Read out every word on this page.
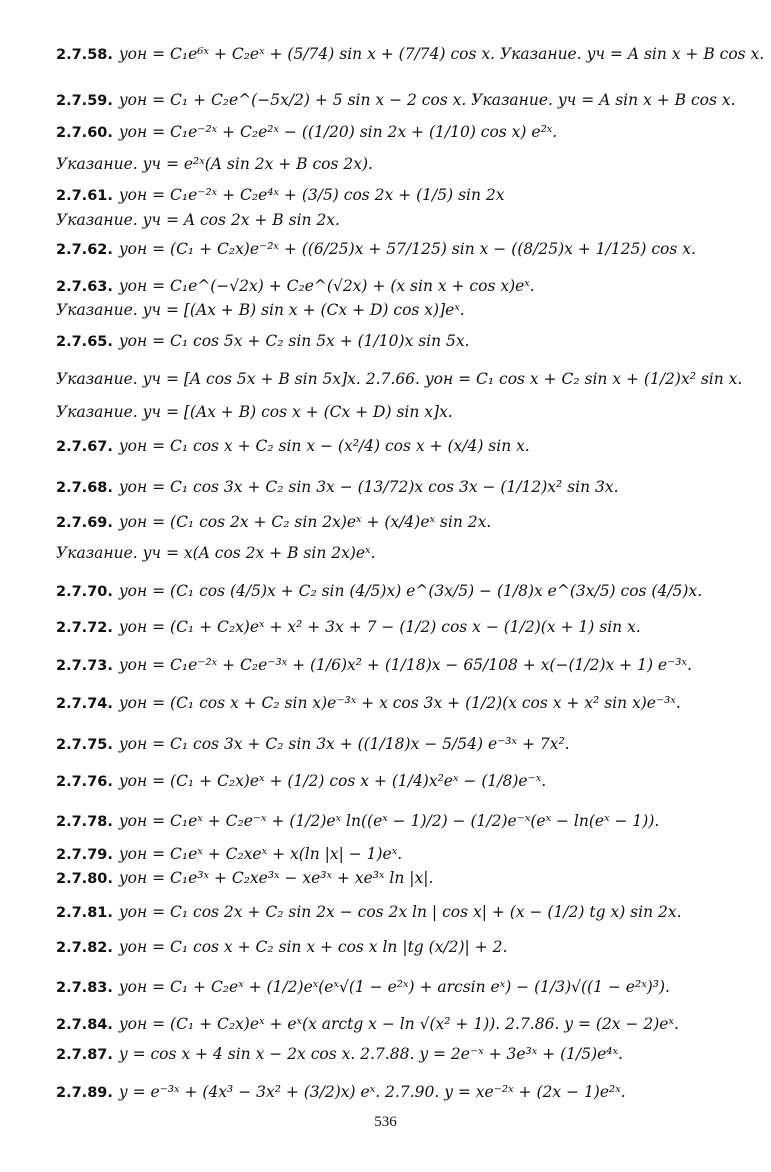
2.7.58. yон = C₁e⁶ˣ + C₂eˣ + (5/74) sin x + (7/74) cos x. Указание. yч = A sin x + B cos x.
2.7.59. yон = C₁ + C₂e^(−5x/2) + 5 sin x − 2 cos x. Указание. yч = A sin x + B cos x.
2.7.60. yон = C₁e⁻²ˣ + C₂e²ˣ − ((1/20) sin 2x + (1/10) cos x) e²ˣ.
Указание. yч = e²ˣ(A sin 2x + B cos 2x).
2.7.61. yон = C₁e⁻²ˣ + C₂e⁴ˣ + (3/5) cos 2x + (1/5) sin 2x
Указание. yч = A cos 2x + B sin 2x.
2.7.62. yон = (C₁ + C₂x)e⁻²ˣ + ((6/25)x + 57/125) sin x − ((8/25)x + 1/125) cos x.
2.7.63. yон = C₁e^(−√2x) + C₂e^(√2x) + (x sin x + cos x)eˣ.
Указание. yч = [(Ax + B) sin x + (Cx + D) cos x)]eˣ.
2.7.65. yон = C₁ cos 5x + C₂ sin 5x + (1/10)x sin 5x.
Указание. yч = [A cos 5x + B sin 5x]x. 2.7.66. yон = C₁ cos x + C₂ sin x + (1/2)x² sin x.
Указание. yч = [(Ax + B) cos x + (Cx + D) sin x]x.
2.7.67. yон = C₁ cos x + C₂ sin x − (x²/4) cos x + (x/4) sin x.
2.7.68. yон = C₁ cos 3x + C₂ sin 3x − (13/72)x cos 3x − (1/12)x² sin 3x.
2.7.69. yон = (C₁ cos 2x + C₂ sin 2x)eˣ + (x/4)eˣ sin 2x.
Указание. yч = x(A cos 2x + B sin 2x)eˣ.
2.7.70. yон = (C₁ cos (4/5)x + C₂ sin (4/5)x) e^(3x/5) − (1/8)x e^(3x/5) cos (4/5)x.
2.7.72. yон = (C₁ + C₂x)eˣ + x² + 3x + 7 − (1/2) cos x − (1/2)(x + 1) sin x.
2.7.73. yон = C₁e⁻²ˣ + C₂e⁻³ˣ + (1/6)x² + (1/18)x − 65/108 + x(−(1/2)x + 1) e⁻³ˣ.
2.7.74. yон = (C₁ cos x + C₂ sin x)e⁻³ˣ + x cos 3x + (1/2)(x cos x + x² sin x)e⁻³ˣ.
2.7.75. yон = C₁ cos 3x + C₂ sin 3x + ((1/18)x − 5/54) e⁻³ˣ + 7x².
2.7.76. yон = (C₁ + C₂x)eˣ + (1/2) cos x + (1/4)x²eˣ − (1/8)e⁻ˣ.
2.7.78. yон = C₁eˣ + C₂e⁻ˣ + (1/2)eˣ ln((eˣ − 1)/2) − (1/2)e⁻ˣ(eˣ − ln(eˣ − 1)).
2.7.79. yон = C₁eˣ + C₂xeˣ + x(ln |x| − 1)eˣ.
2.7.80. yон = C₁e³ˣ + C₂xe³ˣ − xe³ˣ + xe³ˣ ln |x|.
2.7.81. yон = C₁ cos 2x + C₂ sin 2x − cos 2x ln | cos x| + (x − (1/2) tg x) sin 2x.
2.7.82. yон = C₁ cos x + C₂ sin x + cos x ln |tg (x/2)| + 2.
2.7.83. yон = C₁ + C₂eˣ + (1/2)eˣ(eˣ√(1 − e²ˣ) + arcsin eˣ) − (1/3)√((1 − e²ˣ)³).
2.7.84. yон = (C₁ + C₂x)eˣ + eˣ(x arctg x − ln √(x² + 1)). 2.7.86. y = (2x − 2)eˣ.
2.7.87. y = cos x + 4 sin x − 2x cos x. 2.7.88. y = 2e⁻ˣ + 3e³ˣ + (1/5)e⁴ˣ.
2.7.89. y = e⁻³ˣ + (4x³ − 3x² + (3/2)x) eˣ. 2.7.90. y = xe⁻²ˣ + (2x − 1)e²ˣ.
536
